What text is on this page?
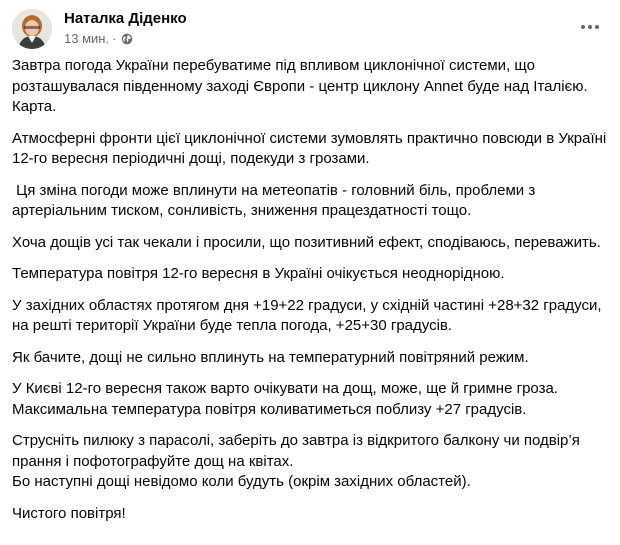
Наталка Діденко
13 мин. ·

Завтра погода України перебуватиме під впливом циклонічної системи, що розташувалася південному заході Європи - центр циклону Annet буде над Італією. Карта.

Атмосферні фронти цієї циклонічної системи зумовлять практично повсюди в Україні 12-го вересня періодичні дощі, подекуди з грозами.

Ця зміна погоди може вплинути на метеопатів - головний біль, проблеми з артеріальним тиском, сонливість, зниження працездатності тощо.

Хоча дощів усі так чекали і просили, що позитивний ефект, сподіваюсь, переважить.

Температура повітря 12-го вересня в Україні очікується неоднорідною.

У західних областях протягом дня +19+22 градуси, у східній частині +28+32 градуси, на решті території України буде тепла погода, +25+30 градусів.

Як бачите, дощі не сильно вплинуть на температурний повітряний режим.

У Києві 12-го вересня також варто очікувати на дощ, може, ще й гримне гроза. Максимальна температура повітря коливатиметься поблизу +27 градусів.

Струсніть пилюку з парасолі, заберіть до завтра із відкритого балкону чи подвір’я прання і пофотографуйте дощ на квітах.

Бо наступні дощі невідомо коли будуть (окрім західних областей).

Чистого повітря!
